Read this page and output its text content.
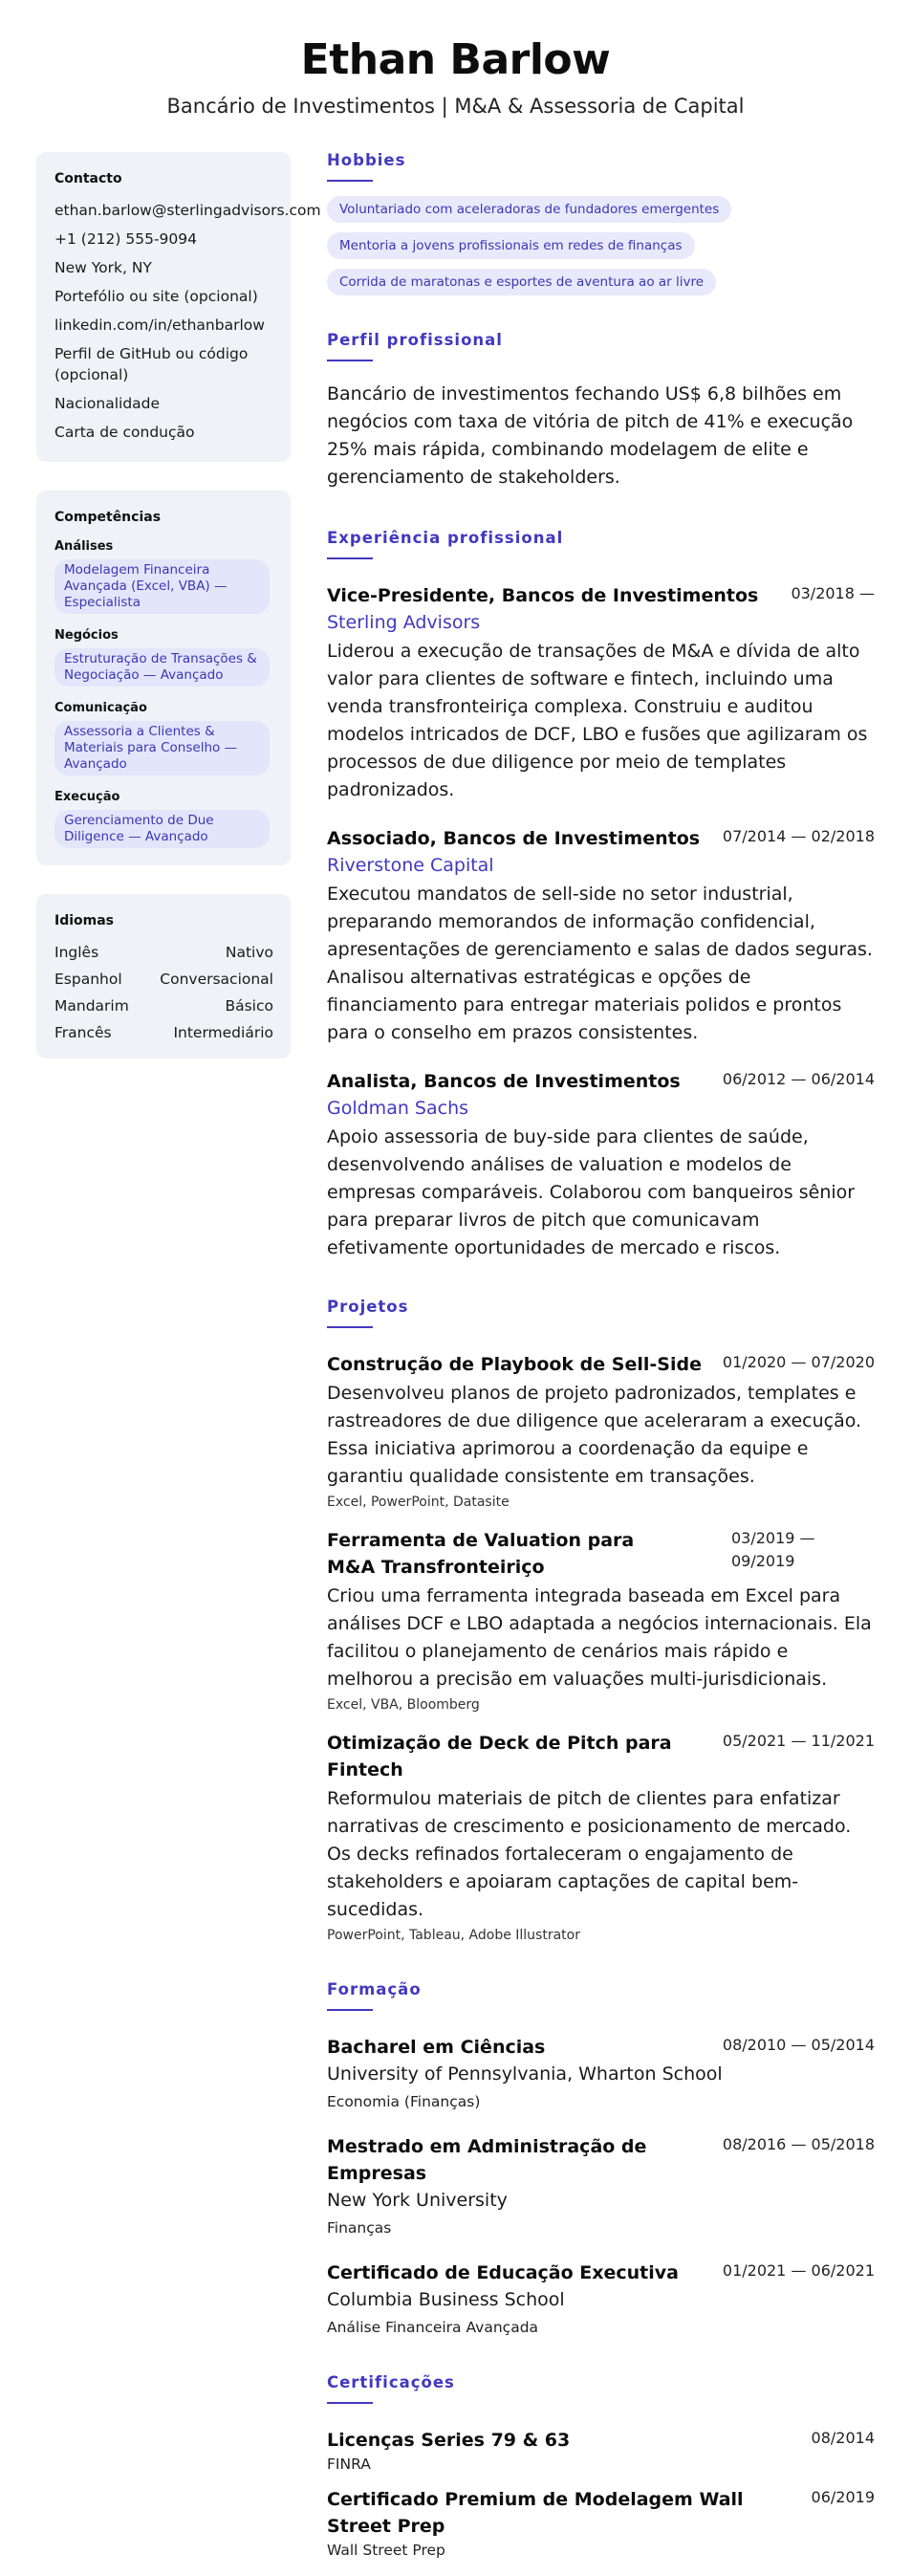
Ethan Barlow
Bancário de Investimentos | M&A & Assessoria de Capital
Contacto
ethan.barlow@sterlingadvisors.com
+1 (212) 555-9094
New York, NY
Portefólio ou site (opcional)
linkedin.com/in/ethanbarlow
Perfil de GitHub ou código (opcional)
Nacionalidade
Carta de condução
Competências
Análises
Modelagem Financeira Avançada (Excel, VBA) — Especialista
Negócios
Estruturação de Transações & Negociação — Avançado
Comunicação
Assessoria a Clientes & Materiais para Conselho — Avançado
Execução
Gerenciamento de Due Diligence — Avançado
Idiomas
Inglês	Nativo
Espanhol	Conversacional
Mandarim	Básico
Francês	Intermediário
Hobbies
Voluntariado com aceleradoras de fundadores emergentes
Mentoria a jovens profissionais em redes de finanças
Corrida de maratonas e esportes de aventura ao ar livre
Perfil profissional
Bancário de investimentos fechando US$ 6,8 bilhões em negócios com taxa de vitória de pitch de 41% e execução 25% mais rápida, combinando modelagem de elite e gerenciamento de stakeholders.
Experiência profissional
Vice-Presidente, Bancos de Investimentos 03/2018 —
Sterling Advisors
Liderou a execução de transações de M&A e dívida de alto valor para clientes de software e fintech, incluindo uma venda transfronteiriça complexa. Construiu e auditou modelos intricados de DCF, LBO e fusões que agilizaram os processos de due diligence por meio de templates padronizados.
Associado, Bancos de Investimentos 07/2014 — 02/2018
Riverstone Capital
Executou mandatos de sell-side no setor industrial, preparando memorandos de informação confidencial, apresentações de gerenciamento e salas de dados seguras. Analisou alternativas estratégicas e opções de financiamento para entregar materiais polidos e prontos para o conselho em prazos consistentes.
Analista, Bancos de Investimentos	06/2012 — 06/2014
Goldman Sachs
Apoio assessoria de buy-side para clientes de saúde, desenvolvendo análises de valuation e modelos de empresas comparáveis. Colaborou com banqueiros sênior para preparar livros de pitch que comunicavam efetivamente oportunidades de mercado e riscos.
Projetos
Construção de Playbook de Sell-Side 01/2020 — 07/2020
Desenvolveu planos de projeto padronizados, templates e rastreadores de due diligence que aceleraram a execução. Essa iniciativa aprimorou a coordenação da equipe e garantiu qualidade consistente em transações.
Excel, PowerPoint, Datasite
Ferramenta de Valuation para M&A Transfronteiriço
03/2019 — 09/2019
Criou uma ferramenta integrada baseada em Excel para análises DCF e LBO adaptada a negócios internacionais. Ela facilitou o planejamento de cenários mais rápido e melhorou a precisão em valuações multi-jurisdicionais.
Excel, VBA, Bloomberg
Otimização de Deck de Pitch para Fintech
05/2021 — 11/2021
Reformulou materiais de pitch de clientes para enfatizar narrativas de crescimento e posicionamento de mercado. Os decks refinados fortaleceram o engajamento de stakeholders e apoiaram captações de capital bem-sucedidas.
PowerPoint, Tableau, Adobe Illustrator
Formação
Bacharel em Ciências	08/2010 — 05/2014
University of Pennsylvania, Wharton School
Economia (Finanças)
Mestrado em Administração de Empresas
08/2016 — 05/2018
New York University
Finanças
Certificado de Educação Executiva	01/2021 — 06/2021
Columbia Business School
Análise Financeira Avançada
Certificações
Licenças Series 79 & 63	08/2014
FINRA
Certificado Premium de Modelagem Wall Street Prep
06/2019
Wall Street Prep
